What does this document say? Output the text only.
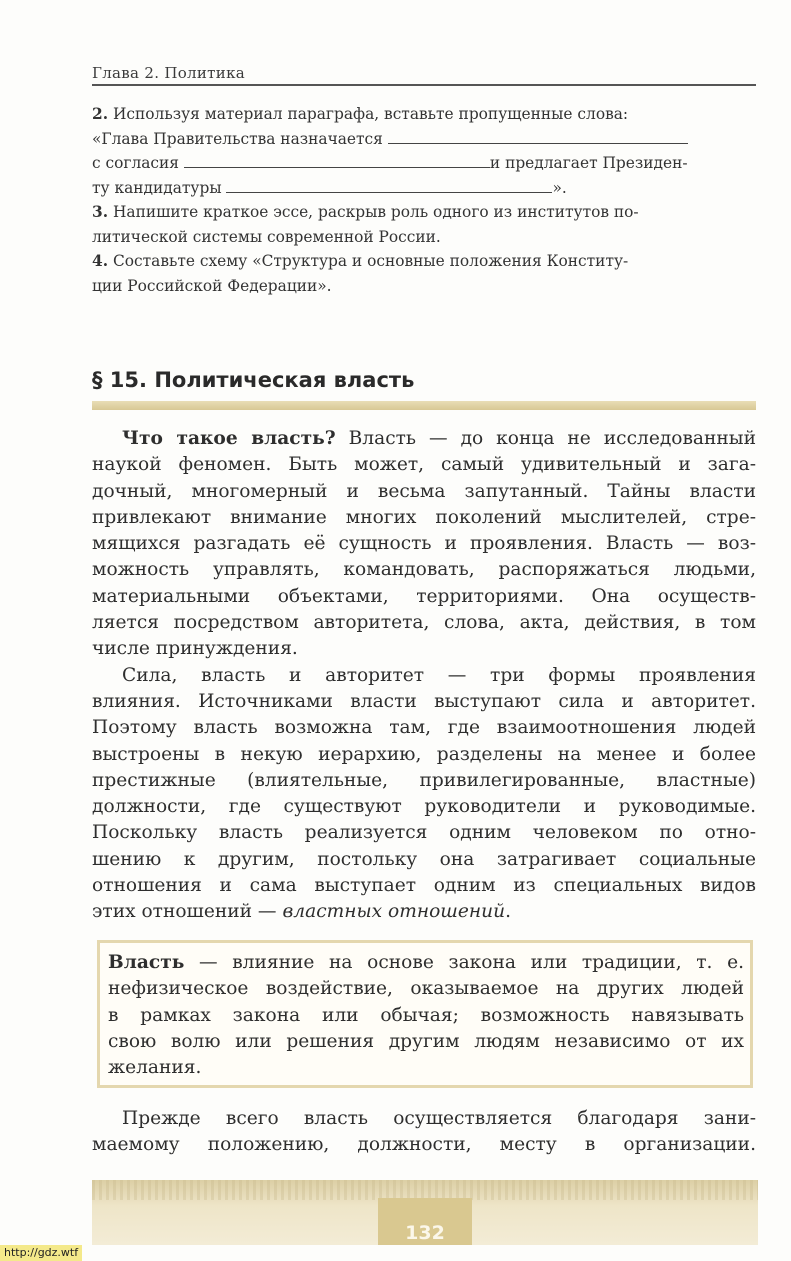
Глава 2. Политика
2. Используя материал параграфа, вставьте пропущенные слова:
«Глава Правительства назначается
с согласия	и предлагает Президен-
ту кандидатуры	».
3. Напишите краткое эссе, раскрыв роль одного из институтов по-
литической системы современной России.
4. Составьте схему «Структура и основные положения Конститу-
ции Российской Федерации».
§ 15. Политическая власть
Что такое власть? Власть — до конца не исследованный
наукой феномен. Быть может, самый удивительный и зага-
дочный, многомерный и весьма запутанный. Тайны власти
привлекают внимание многих поколений мыслителей, стре-
мящихся разгадать её сущность и проявления. Власть — воз-
можность управлять, командовать, распоряжаться людьми,
материальными объектами, территориями. Она осуществ-
ляется посредством авторитета, слова, акта, действия, в том
числе принуждения.
Сила, власть и авторитет — три формы проявления
влияния. Источниками власти выступают сила и авторитет.
Поэтому власть возможна там, где взаимоотношения людей
выстроены в некую иерархию, разделены на менее и более
престижные (влиятельные, привилегированные, властные)
должности, где существуют руководители и руководимые.
Поскольку власть реализуется одним человеком по отно-
шению к другим, постольку она затрагивает социальные
отношения и сама выступает одним из специальных видов
этих отношений — властных отношений.
Власть — влияние на основе закона или традиции, т. е.
нефизическое воздействие, оказываемое на других людей
в рамках закона или обычая; возможность навязывать
свою волю или решения другим людям независимо от их
желания.
Прежде всего власть осуществляется благодаря зани-
маемому положению, должности, месту в организации.
132
http://gdz.wtf
